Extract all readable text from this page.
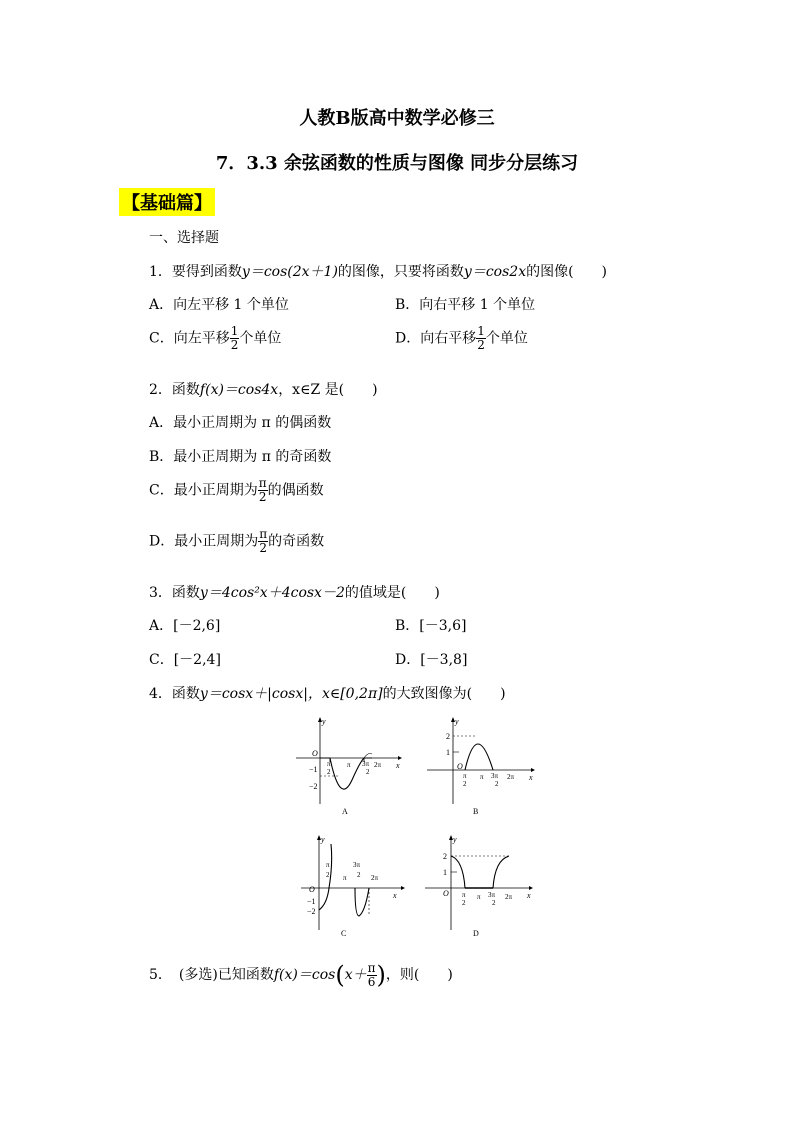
人教B版高中数学必修三
7．3.3 余弦函数的性质与图像 同步分层练习
【基础篇】
一、选择题
1．要得到函数y＝cos(2x＋1)的图像，只要将函数y＝cos2x的图像(　　)
A．向左平移 1 个单位	B．向右平移 1 个单位
C．向左平移 $\frac{1}{2}$ 个单位	D．向右平移 $\frac{1}{2}$ 个单位
2．函数f(x)＝cos4x，x∈Z 是(　　)
A．最小正周期为 π 的偶函数
B．最小正周期为 π 的奇函数
C．最小正周期为 $\frac{\pi}{2}$ 的偶函数
D．最小正周期为 $\frac{\pi}{2}$ 的奇函数
3．函数y＝4cos²x＋4cosx－2的值域是(　　)
A．[－2,6]	B．[－3,6]
C．[－2,4]	D．[－3,8]
4．函数y＝cosx＋|cosx|，x∈[0,2π]的大致图像为(　　)
y
x
O
−1
−2
π
2
π 3π
2
2π
A
y
x
O
2
1
π
2
π 3π
2
2π
B
y
x
O
−1
−2
π
2 π
3π
2 2π
C
y
x
O
2
1
π
2
π 3π
2
2π
D
5．　 (多选)已知函数$f(x)=\cos(x+ \frac{\pi}{6}$ )，则(　　)
